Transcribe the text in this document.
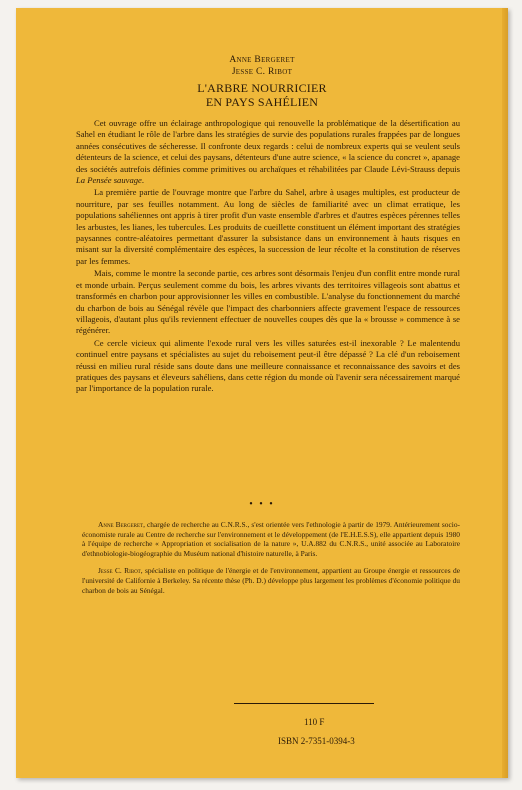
Anne Bergeret
Jesse C. Ribot
L'ARBRE NOURRICIER
EN PAYS SAHÉLIEN

Cet ouvrage offre un éclairage anthropologique qui renouvelle la problématique de la désertification au Sahel en étudiant le rôle de l'arbre dans les stratégies de survie des populations rurales frappées par de longues années consécutives de sécheresse. Il confronte deux regards : celui de nombreux experts qui se veulent seuls détenteurs de la science, et celui des paysans, détenteurs d'une autre science, « la science du concret », apanage des sociétés autrefois définies comme primitives ou archaïques et réhabilitées par Claude Lévi-Strauss depuis La Pensée sauvage.

La première partie de l'ouvrage montre que l'arbre du Sahel, arbre à usages multiples, est producteur de nourriture, par ses feuilles notamment. Au long de siècles de familiarité avec un climat erratique, les populations sahéliennes ont appris à tirer profit d'un vaste ensemble d'arbres et d'autres espèces pérennes telles les arbustes, les lianes, les tubercules. Les produits de cueillette constituent un élément important des stratégies paysannes contre-aléatoires permettant d'assurer la subsistance dans un environnement à hauts risques en misant sur la diversité complémentaire des espèces, la succession de leur récolte et la constitution de réserves par les femmes.

Mais, comme le montre la seconde partie, ces arbres sont désormais l'enjeu d'un conflit entre monde rural et monde urbain. Perçus seulement comme du bois, les arbres vivants des territoires villageois sont abattus et transformés en charbon pour approvisionner les villes en combustible. L'analyse du fonctionnement du marché du charbon de bois au Sénégal révèle que l'impact des charbonniers affecte gravement l'espace de ressources villageois, d'autant plus qu'ils reviennent effectuer de nouvelles coupes dès que la « brousse » commence à se régénérer.

Ce cercle vicieux qui alimente l'exode rural vers les villes saturées est-il inexorable ? Le malentendu continuel entre paysans et spécialistes au sujet du reboisement peut-il être dépassé ? La clé d'un reboisement réussi en milieu rural réside sans doute dans une meilleure connaissance et reconnaissance des savoirs et des pratiques des paysans et éleveurs sahéliens, dans cette région du monde où l'avenir sera nécessairement marqué par l'importance de la population rurale.

• • •

Anne Bergeret, chargée de recherche au C.N.R.S., s'est orientée vers l'ethnologie à partir de 1979. Antérieurement socio-économiste rurale au Centre de recherche sur l'environnement et le développement (de l'E.H.E.S.S), elle appartient depuis 1980 à l'équipe de recherche « Appropriation et socialisation de la nature », U.A.882 du C.N.R.S., unité associée au Laboratoire d'ethnobiologie-biogéographie du Muséum national d'histoire naturelle, à Paris.

Jesse C. Ribot, spécialiste en politique de l'énergie et de l'environnement, appartient au Groupe énergie et ressources de l'université de Californie à Berkeley. Sa récente thèse (Ph. D.) développe plus largement les problèmes d'économie politique du charbon de bois au Sénégal.

110 F
ISBN 2-7351-0394-3
